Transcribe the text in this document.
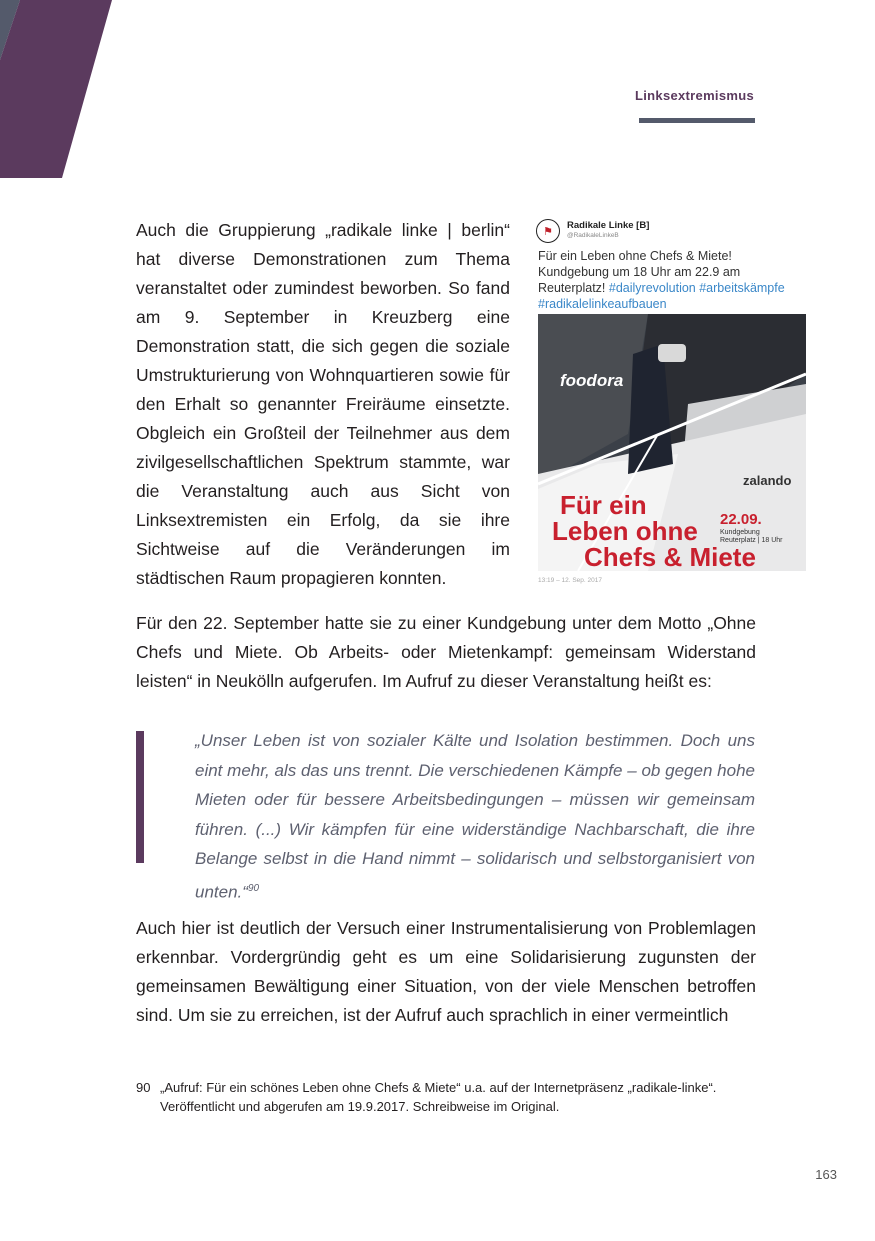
Linksextremismus

Auch die Gruppierung „radikale linke | berlin“ hat diverse Demonstrationen zum Thema veranstaltet oder zumindest beworben. So fand am 9. September in Kreuzberg eine Demonstration statt, die sich gegen die soziale Umstrukturierung von Wohnquartieren sowie für den Erhalt so genannter Freiräume einsetzte. Obgleich ein Großteil der Teilnehmer aus dem zivilgesellschaftlichen Spektrum stammte, war die Veranstaltung auch aus Sicht von Linksextremisten ein Erfolg, da sie ihre Sichtweise auf die Veränderungen im städtischen Raum propagieren konnten.

⚑	Radikale Linke [B]
@RadikaleLinkeB
Für ein Leben ohne Chefs & Miete! Kundgebung um 18 Uhr am 22.9 am Reuterplatz! #dailyrevolution #arbeitskämpfe #radikalelinkeaufbauen
foodora
zalando
Für ein
Leben ohne
Chefs & Miete
22.09.
Kundgebung
Reuterplatz | 18 Uhr
13:19 – 12. Sep. 2017

Für den 22. September hatte sie zu einer Kundgebung unter dem Motto „Ohne Chefs und Miete. Ob Arbeits- oder Mietenkampf: gemeinsam Widerstand leisten“ in Neukölln aufgerufen. Im Aufruf zu dieser Veranstaltung heißt es:

„Unser Leben ist von sozialer Kälte und Isolation bestimmen. Doch uns eint mehr, als das uns trennt. Die verschiedenen Kämpfe – ob gegen hohe Mieten oder für bessere Arbeitsbedingungen – müssen wir gemeinsam führen. (...) Wir kämpfen für eine widerständige Nachbarschaft, die ihre Belange selbst in die Hand nimmt – solidarisch und selbstorganisiert von unten.“$^{90}$

Auch hier ist deutlich der Versuch einer Instrumentalisierung von Problemlagen erkennbar. Vordergründig geht es um eine Solidarisierung zugunsten der gemeinsamen Bewältigung einer Situation, von der viele Menschen betroffen sind. Um sie zu erreichen, ist der Aufruf auch sprachlich in einer vermeintlich

90 „Aufruf: Für ein schönes Leben ohne Chefs & Miete“ u.a. auf der Internetpräsenz „radikale-linke“.
Veröffentlicht und abgerufen am 19.9.2017. Schreibweise im Original.

163
